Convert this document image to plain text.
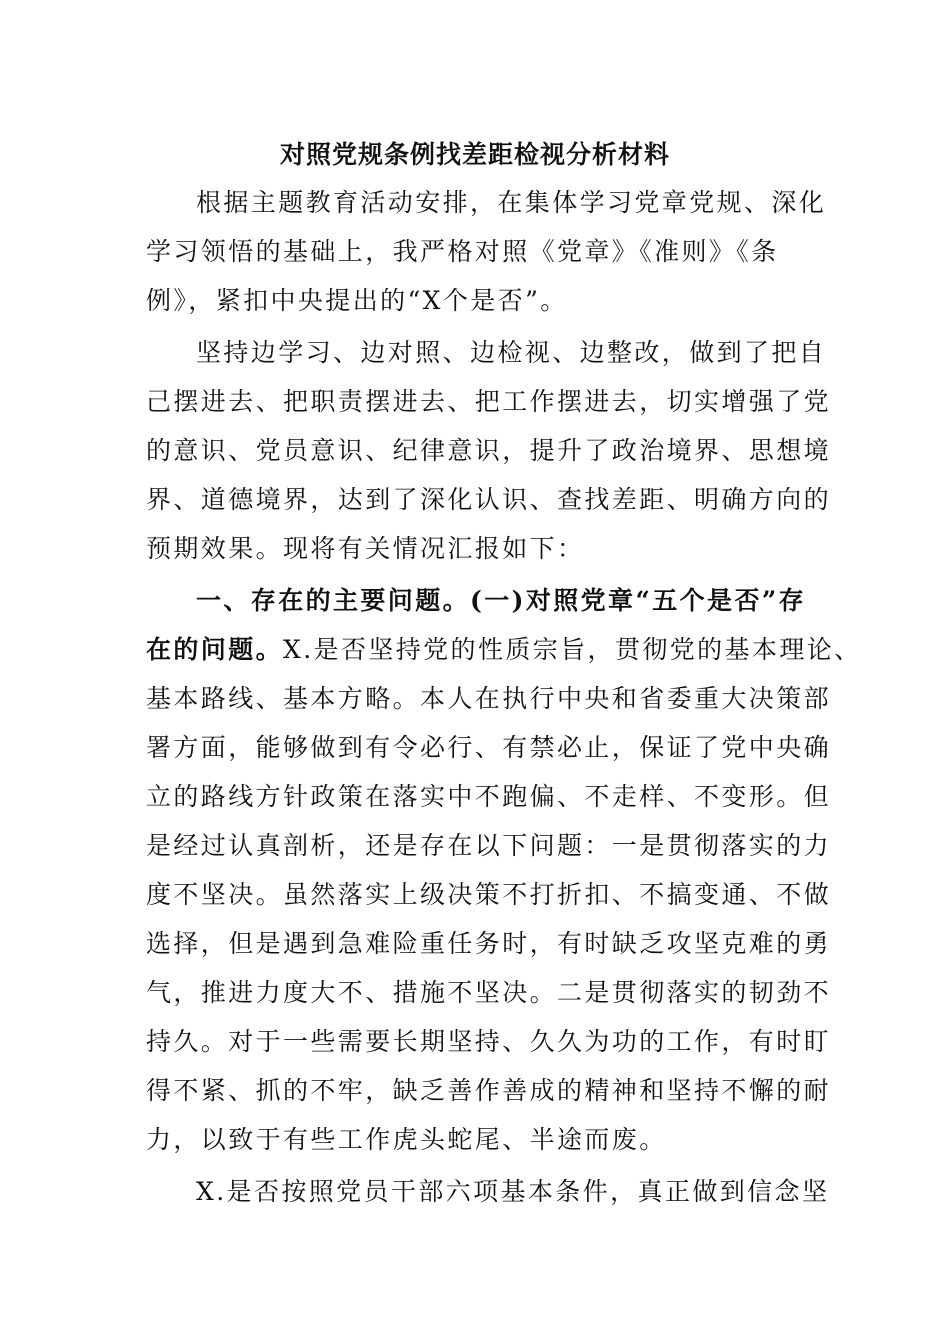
对照党规条例找差距检视分析材料
根据主题教育活动安排，在集体学习党章党规、深化
学习领悟的基础上，我严格对照《党章》《准则》《条
例》，紧扣中央提出的“X个是否”。
坚持边学习、边对照、边检视、边整改，做到了把自
己摆进去、把职责摆进去、把工作摆进去，切实增强了党
的意识、党员意识、纪律意识，提升了政治境界、思想境
界、道德境界，达到了深化认识、查找差距、明确方向的
预期效果。现将有关情况汇报如下：
一、存在的主要问题。(一)对照党章“五个是否”存
在的问题。X.是否坚持党的性质宗旨，贯彻党的基本理论、
基本路线、基本方略。本人在执行中央和省委重大决策部
署方面，能够做到有令必行、有禁必止，保证了党中央确
立的路线方针政策在落实中不跑偏、不走样、不变形。但
是经过认真剖析，还是存在以下问题：一是贯彻落实的力
度不坚决。虽然落实上级决策不打折扣、不搞变通、不做
选择，但是遇到急难险重任务时，有时缺乏攻坚克难的勇
气，推进力度大不、措施不坚决。二是贯彻落实的韧劲不
持久。对于一些需要长期坚持、久久为功的工作，有时盯
得不紧、抓的不牢，缺乏善作善成的精神和坚持不懈的耐
力，以致于有些工作虎头蛇尾、半途而废。
X.是否按照党员干部六项基本条件，真正做到信念坚
